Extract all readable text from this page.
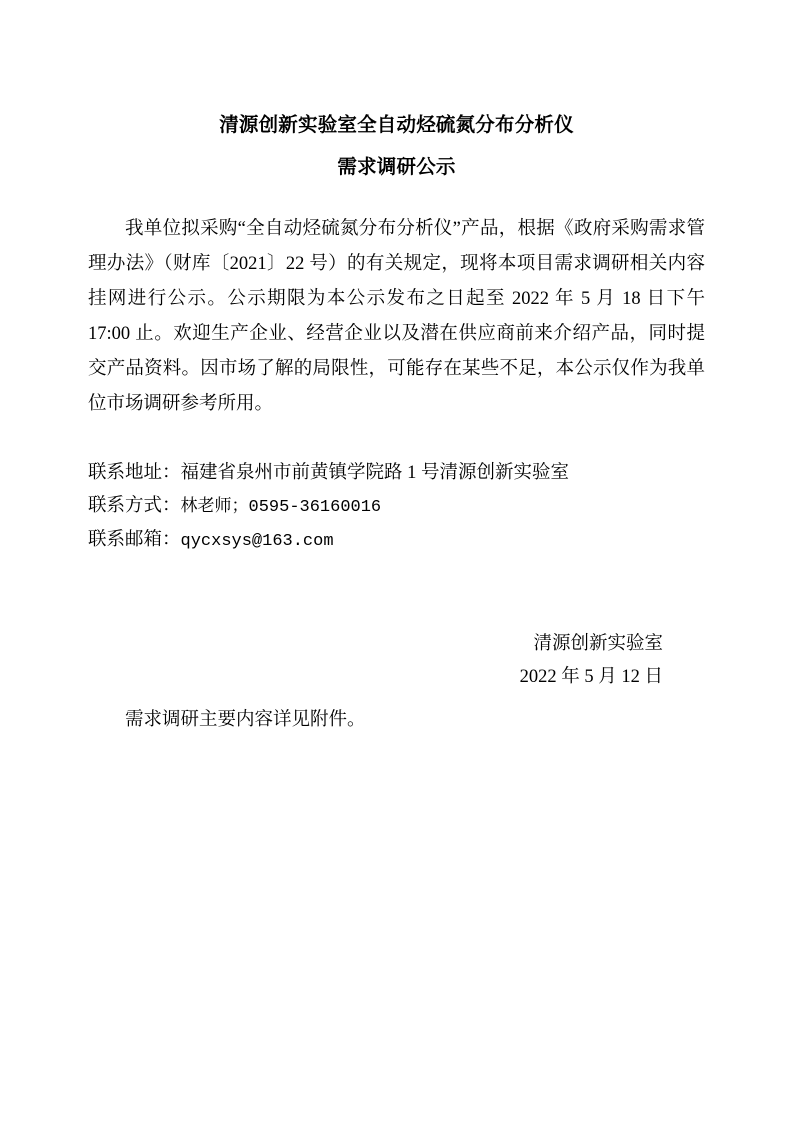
清源创新实验室全自动烃硫氮分布分析仪
需求调研公示

我单位拟采购“全自动烃硫氮分布分析仪”产品，根据《政府采购需求管理办法》（财库〔2021〕22 号）的有关规定，现将本项目需求调研相关内容挂网进行公示。公示期限为本公示发布之日起至 2022 年 5 月 18 日下午 17:00 止。欢迎生产企业、经营企业以及潜在供应商前来介绍产品，同时提交产品资料。因市场了解的局限性，可能存在某些不足，本公示仅作为我单位市场调研参考所用。

联系地址：福建省泉州市前黄镇学院路 1 号清源创新实验室
联系方式：林老师；0595-36160016
联系邮箱：qycxsys@163.com
清源创新实验室
2022 年 5 月 12 日
需求调研主要内容详见附件。
